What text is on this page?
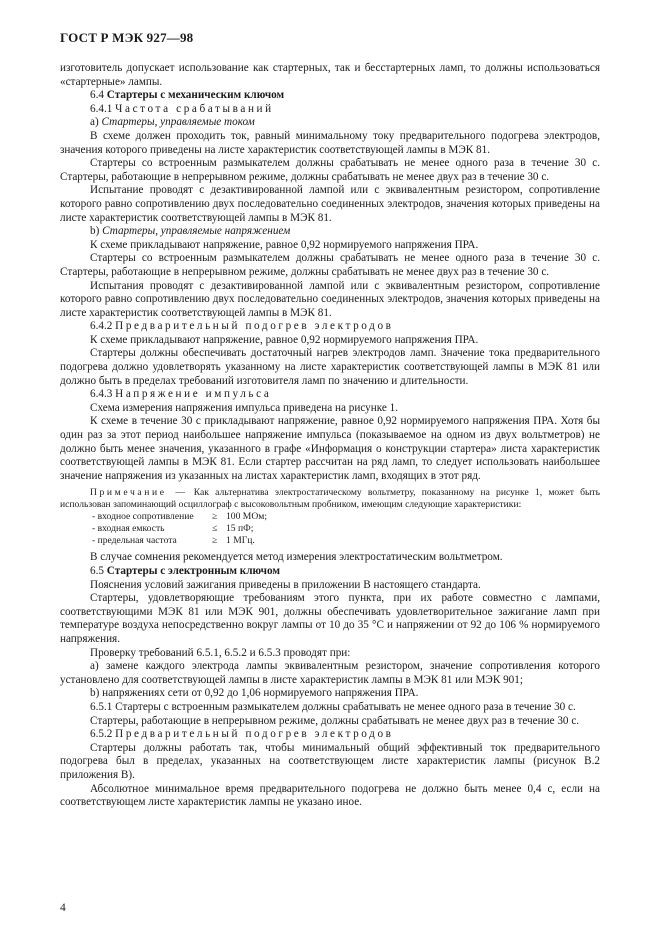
ГОСТ Р МЭК 927—98

изготовитель допускает использование как стартерных, так и бесстартерных ламп, то должны использоваться «стартерные» лампы.

6.4 Стартеры с механическим ключом

6.4.1 Частота срабатываний

а) Стартеры, управляемые током

В схеме должен проходить ток, равный минимальному току предварительного подогрева электродов, значения которого приведены на листе характеристик соответствующей лампы в МЭК 81.

Стартеры со встроенным размыкателем должны срабатывать не менее одного раза в течение 30 с. Стартеры, работающие в непрерывном режиме, должны срабатывать не менее двух раз в течение 30 с.

Испытание проводят с дезактивированной лампой или с эквивалентным резистором, сопротивление которого равно сопротивлению двух последовательно соединенных электродов, значения которых приведены на листе характеристик соответствующей лампы в МЭК 81.

b) Стартеры, управляемые напряжением

К схеме прикладывают напряжение, равное 0,92 нормируемого напряжения ПРА.

Стартеры со встроенным размыкателем должны срабатывать не менее одного раза в течение 30 с. Стартеры, работающие в непрерывном режиме, должны срабатывать не менее двух раз в течение 30 с.

Испытания проводят с дезактивированной лампой или с эквивалентным резистором, сопротивление которого равно сопротивлению двух последовательно соединенных электродов, значения которых приведены на листе характеристик соответствующей лампы в МЭК 81.

6.4.2 Предварительный подогрев электродов

К схеме прикладывают напряжение, равное 0,92 нормируемого напряжения ПРА.

Стартеры должны обеспечивать достаточный нагрев электродов ламп. Значение тока предварительного подогрева должно удовлетворять указанному на листе характеристик соответствующей лампы в МЭК 81 или должно быть в пределах требований изготовителя ламп по значению и длительности.

6.4.3 Напряжение импульса

Схема измерения напряжения импульса приведена на рисунке 1.

К схеме в течение 30 с прикладывают напряжение, равное 0,92 нормируемого напряжения ПРА. Хотя бы один раз за этот период наибольшее напряжение импульса (показываемое на одном из двух вольтметров) не должно быть менее значения, указанного в графе «Информация о конструкции стартера» листа характеристик соответствующей лампы в МЭК 81. Если стартер рассчитан на ряд ламп, то следует использовать наибольшее значение напряжения из указанных на листах характеристик ламп, входящих в этот ряд.

Примечание — Как альтернатива электростатическому вольтметру, показанному на рисунке 1, может быть использован запоминающий осциллограф с высоковольтным пробником, имеющим следующие характеристики:

- входное сопротивление ≥ 100 МОм;
- входная емкость	≤ 15 пФ;
- предельная частота	≥ 1 МГц.

В случае сомнения рекомендуется метод измерения электростатическим вольтметром.

6.5 Стартеры с электронным ключом

Пояснения условий зажигания приведены в приложении В настоящего стандарта.

Стартеры, удовлетворяющие требованиям этого пункта, при их работе совместно с лампами, соответствующими МЭК 81 или МЭК 901, должны обеспечивать удовлетворительное зажигание ламп при температуре воздуха непосредственно вокруг лампы от 10 до 35 °С и напряжении от 92 до 106 % нормируемого напряжения.

Проверку требований 6.5.1, 6.5.2 и 6.5.3 проводят при:

а) замене каждого электрода лампы эквивалентным резистором, значение сопротивления которого установлено для соответствующей лампы в листе характеристик лампы в МЭК 81 или МЭК 901;

b) напряжениях сети от 0,92 до 1,06 нормируемого напряжения ПРА.

6.5.1 Стартеры с встроенным размыкателем должны срабатывать не менее одного раза в течение 30 с.

Стартеры, работающие в непрерывном режиме, должны срабатывать не менее двух раз в течение 30 с.

6.5.2 Предварительный подогрев электродов

Стартеры должны работать так, чтобы минимальный общий эффективный ток предварительного подогрева был в пределах, указанных на соответствующем листе характеристик лампы (рисунок В.2 приложения В).

Абсолютное минимальное время предварительного подогрева не должно быть менее 0,4 с, если на соответствующем листе характеристик лампы не указано иное.

4
